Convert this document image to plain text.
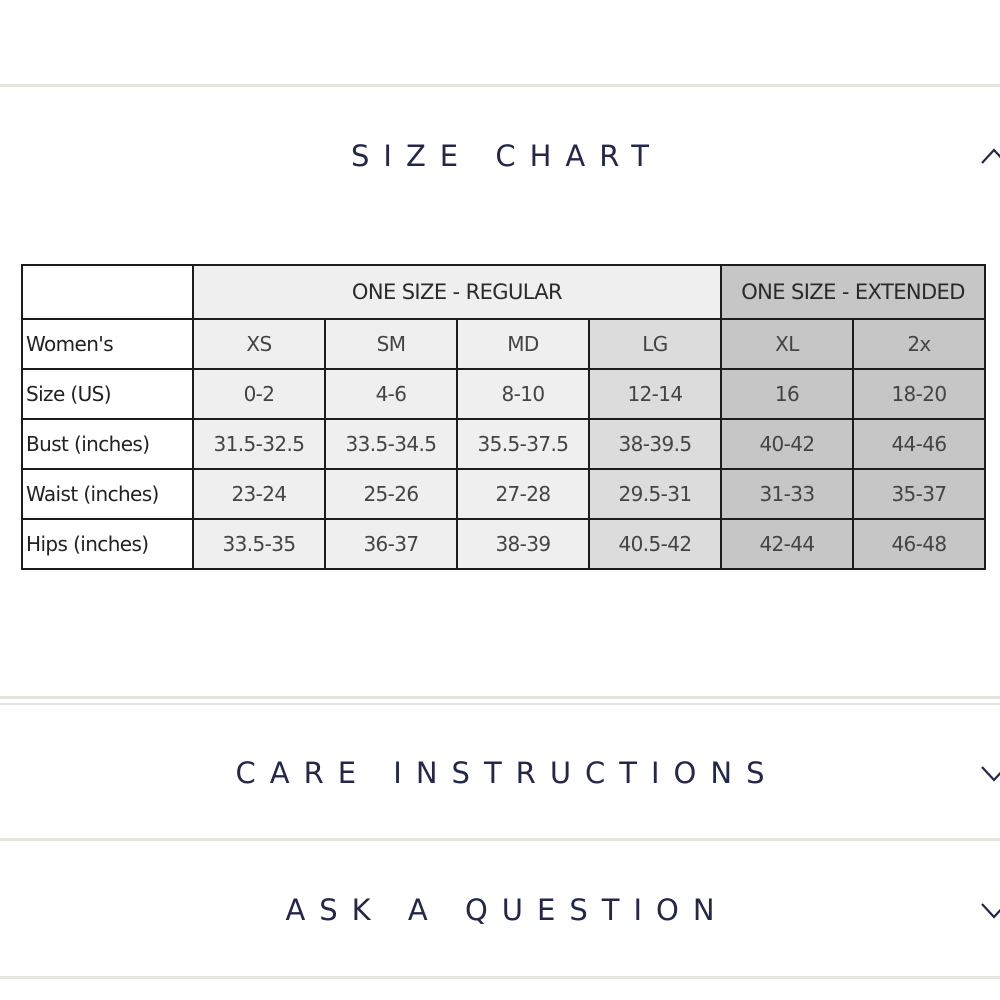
SIZE CHART
	ONE SIZE - REGULAR				ONE SIZE - EXTENDED	
Women's	XS	SM	MD	LG	XL	2x
Size (US)	0-2	4-6	8-10	12-14	16	18-20
Bust (inches)	31.5-32.5	33.5-34.5	35.5-37.5	38-39.5	40-42	44-46
Waist (inches)	23-24	25-26	27-28	29.5-31	31-33	35-37
Hips (inches)	33.5-35	36-37	38-39	40.5-42	42-44	46-48
CARE INSTRUCTIONS
ASK A QUESTION
